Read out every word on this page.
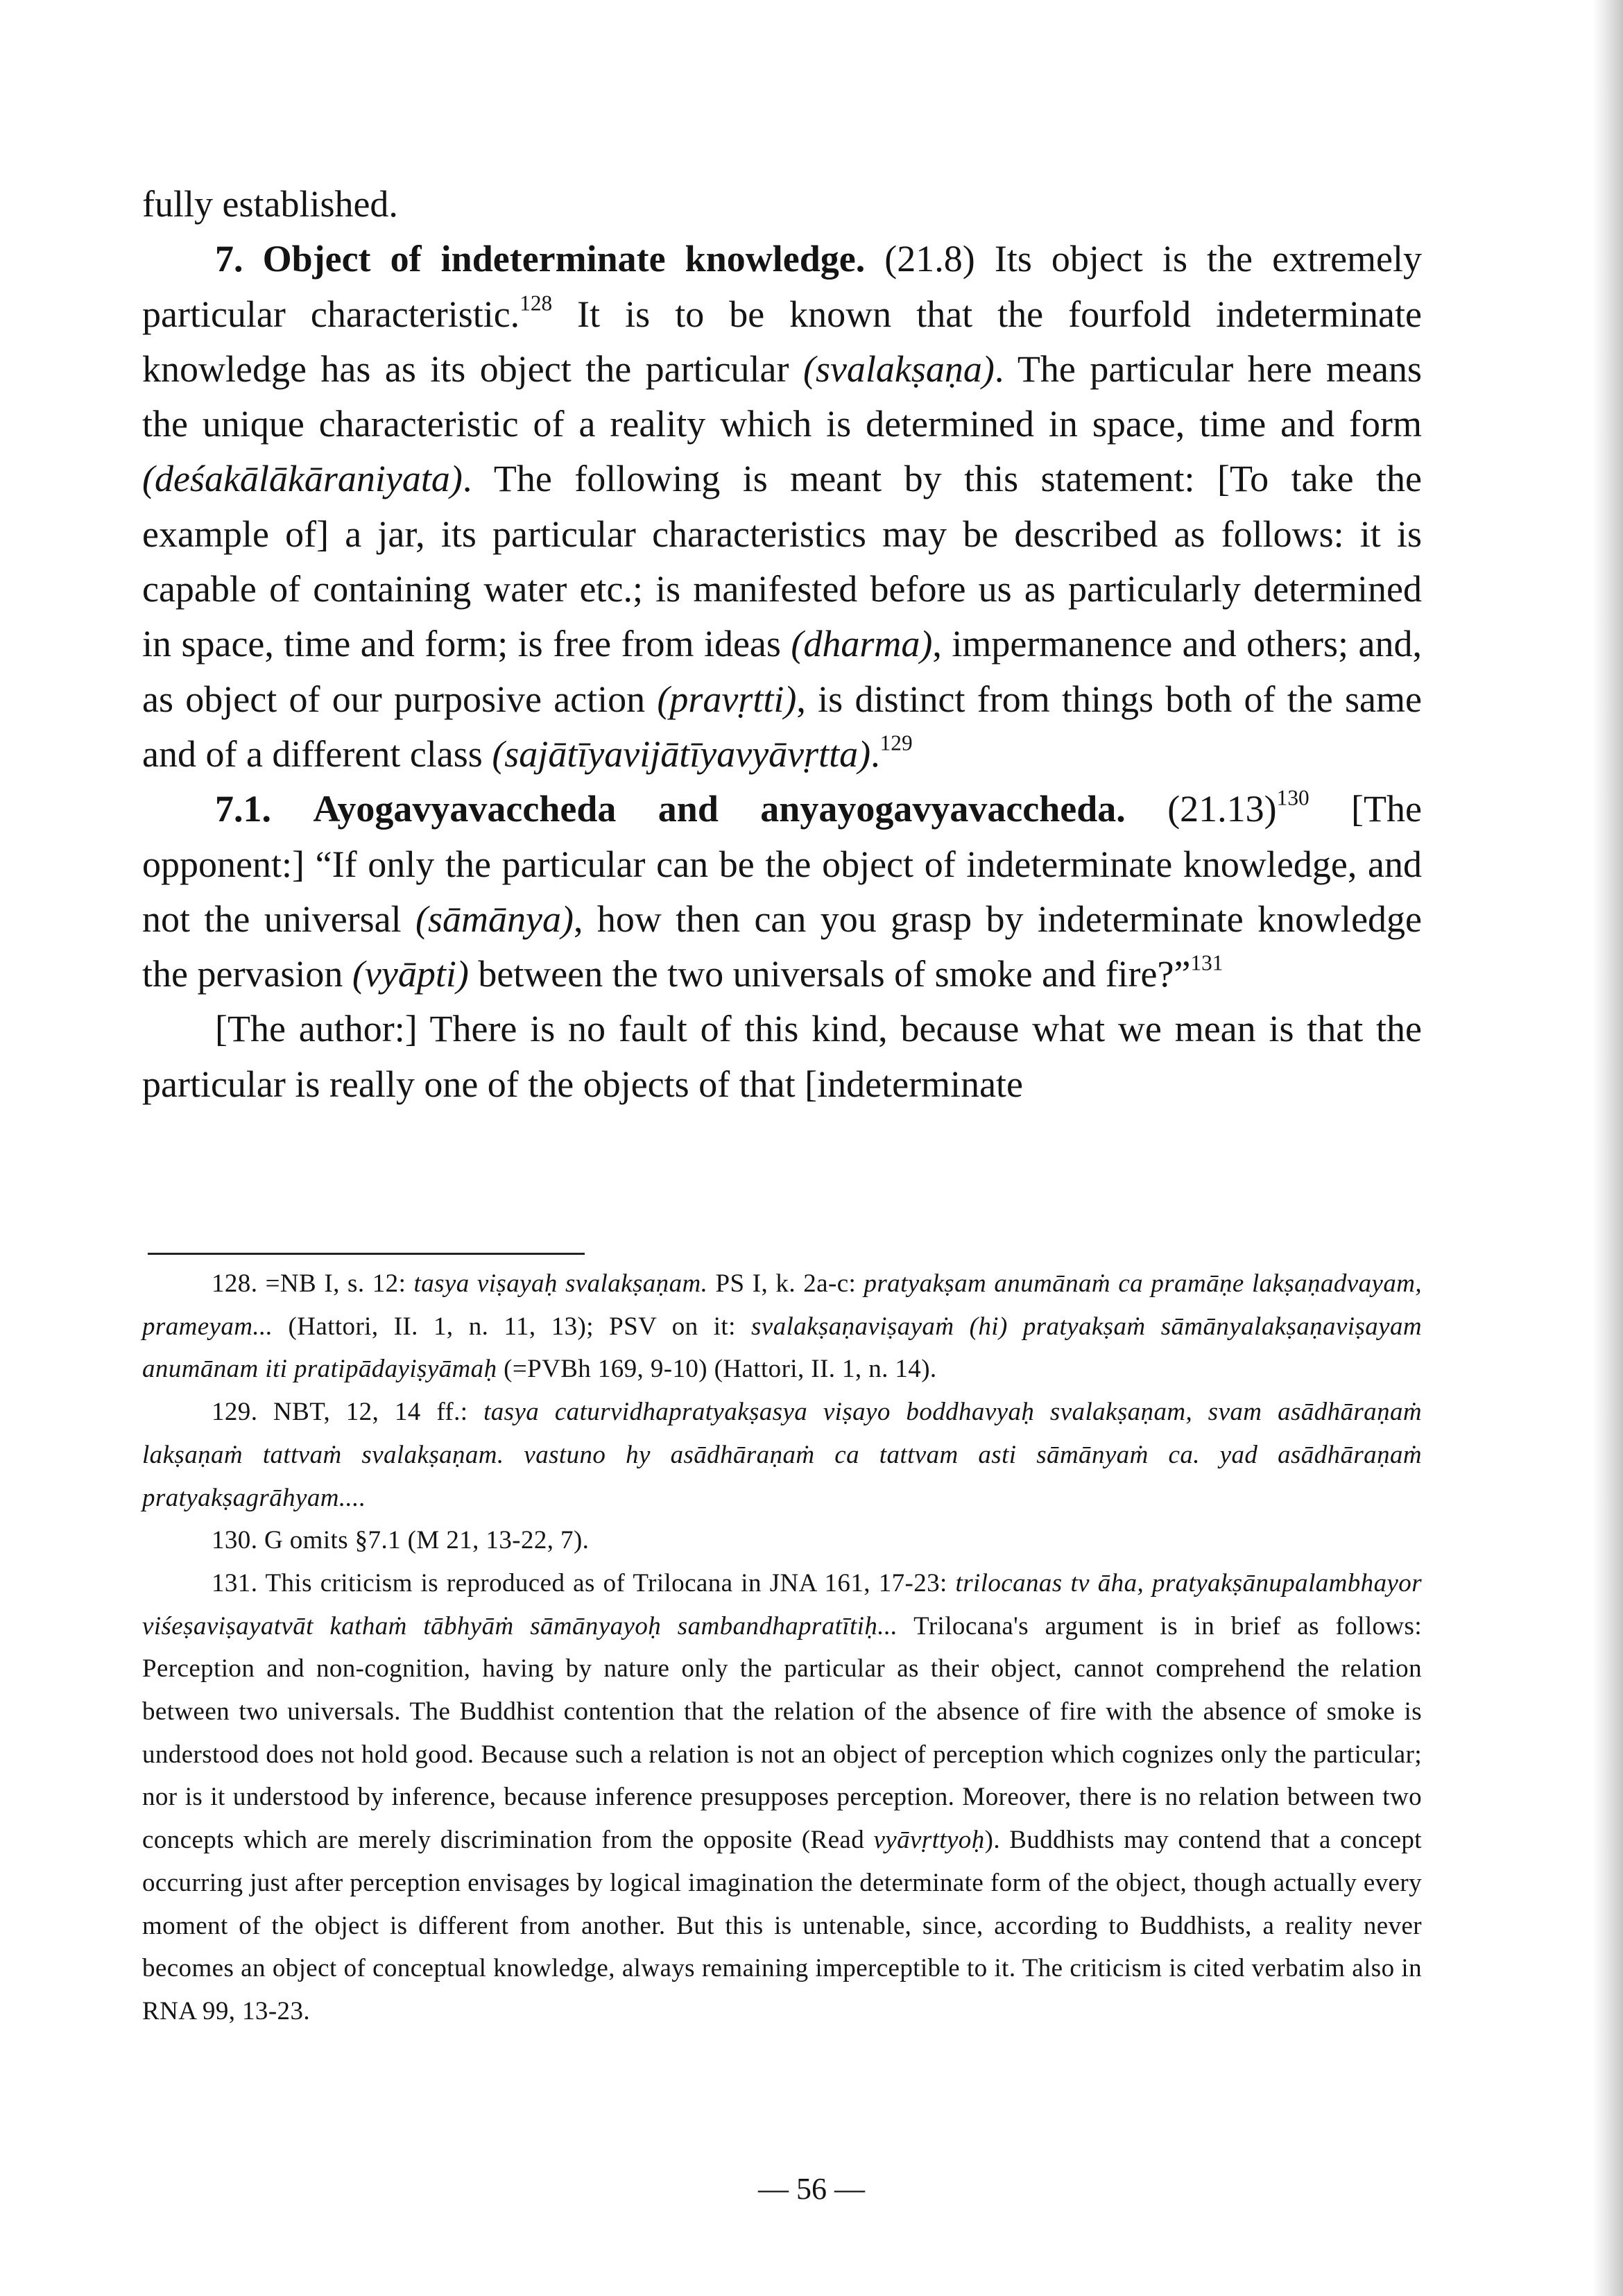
fully established.

7. Object of indeterminate knowledge. (21.8) Its object is the extremely particular characteristic.$^{128}$ It is to be known that the fourfold indeterminate knowledge has as its object the particular (svalakṣaṇa). The particular here means the unique characteristic of a reality which is determined in space, time and form (deśakālākāraniyata). The following is meant by this statement: [To take the example of] a jar, its particular characteristics may be described as follows: it is capable of containing water etc.; is manifested before us as particularly determined in space, time and form; is free from ideas (dharma), impermanence and others; and, as object of our purposive action (pravṛtti), is distinct from things both of the same and of a different class (sajātīyavijātīyavyāvṛtta).$^{129}$

7.1. Ayogavyavaccheda and anyayogavyavaccheda. $(21.13)^{130}$ [The opponent:] “If only the particular can be the object of indeterminate knowledge, and not the universal (sāmānya), how then can you grasp by indeterminate knowledge the pervasion (vyāpti) between the two universals of smoke and fire?”$^{131}$

[The author:] There is no fault of this kind, because what we mean is that the particular is really one of the objects of that [indeterminate

128. =NB I, s. 12: tasya viṣayaḥ svalakṣaṇam. PS I, k. 2a-c: pratyakṣam anumānaṁ ca pramāṇe lakṣaṇadvayam, prameyam... (Hattori, II. 1, n. 11, 13); PSV on it: svalakṣaṇaviṣayaṁ (hi) pratyakṣaṁ sāmānyalakṣaṇaviṣayam anumānam iti pratipādayiṣyāmaḥ (=PVBh 169, 9-10) (Hattori, II. 1, n. 14).

129. NBT, 12, 14 ff.: tasya caturvidhapratyakṣasya viṣayo boddhavyaḥ svalakṣaṇam, svam asādhāraṇaṁ lakṣaṇaṁ tattvaṁ svalakṣaṇam. vastuno hy asādhāraṇaṁ ca tattvam asti sāmānyaṁ ca. yad asādhāraṇaṁ pratyakṣagrāhyam....

130. G omits §7.1 (M 21, 13-22, 7).

131. This criticism is reproduced as of Trilocana in JNA 161, 17-23: trilocanas tv āha, pratyakṣānupalambhayor viśeṣaviṣayatvāt kathaṁ tābhyāṁ sāmānyayoḥ sambandhapratītiḥ... Trilocana's argument is in brief as follows: Perception and non-cognition, having by nature only the particular as their object, cannot comprehend the relation between two universals. The Buddhist contention that the relation of the absence of fire with the absence of smoke is understood does not hold good. Because such a relation is not an object of perception which cognizes only the particular; nor is it understood by inference, because inference presupposes perception. Moreover, there is no relation between two concepts which are merely discrimination from the opposite (Read vyāvṛttyoḥ). Buddhists may contend that a concept occurring just after perception envisages by logical imagination the determinate form of the object, though actually every moment of the object is different from another. But this is untenable, since, according to Buddhists, a reality never becomes an object of conceptual knowledge, always remaining imperceptible to it. The criticism is cited verbatim also in RNA 99, 13-23.

— 56 —
